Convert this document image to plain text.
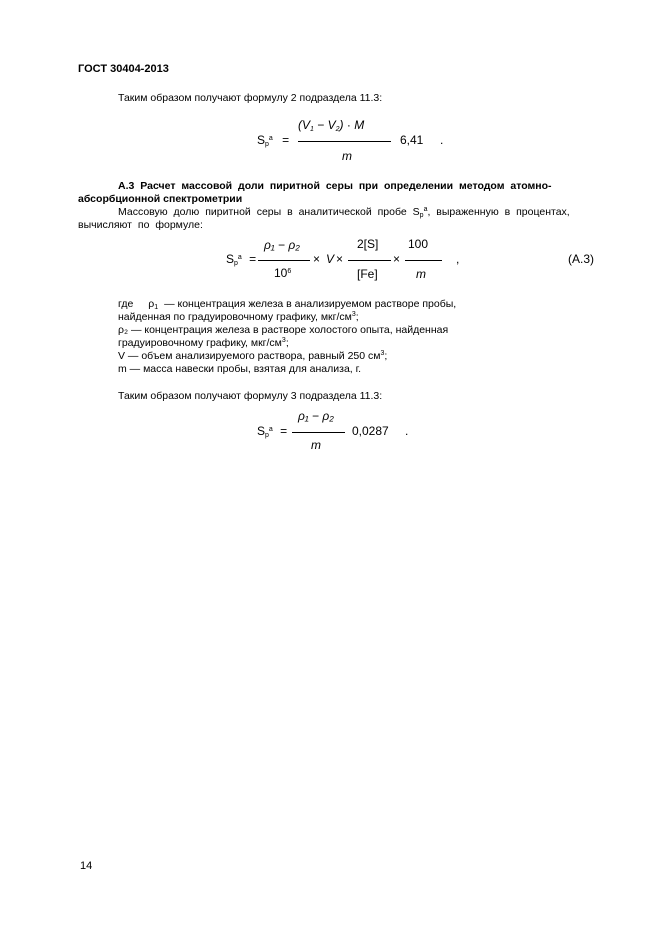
ГОСТ 30404-2013
Таким образом получают формулу 2 подраздела 11.3:
(V1 − V2) · M
$Sp^a$ =	6,41 .
m
А.3 Расчет массовой доли пиритной серы при определении методом атомно-
абсорбционной спектрометрии
Массовую долю пиритной серы в аналитической пробе Sp$^a$, выраженную в процентах,
вычисляют по формуле:
ρ₁ − ρ₂	2[S] 100
$Sp^a$ =	× V ×	×	,	(А.3)
$10^6$	[Fe]	m
где ρ1 — концентрация железа в анализируемом растворе пробы,
найденная по градуировочному графику, мкг/$см^3$;
ρ₂ — концентрация железа в растворе холостого опыта, найденная
градуировочному графику, мкг/$см^3$;
V — объем анализируемого раствора, равный 250 $см^3$;
m — масса навески пробы, взятая для анализа, г.
Таким образом получают формулу 3 подраздела 11.3:
ρ₁ − ρ₂
$Sp^a$ =	0,0287 .
m
14
